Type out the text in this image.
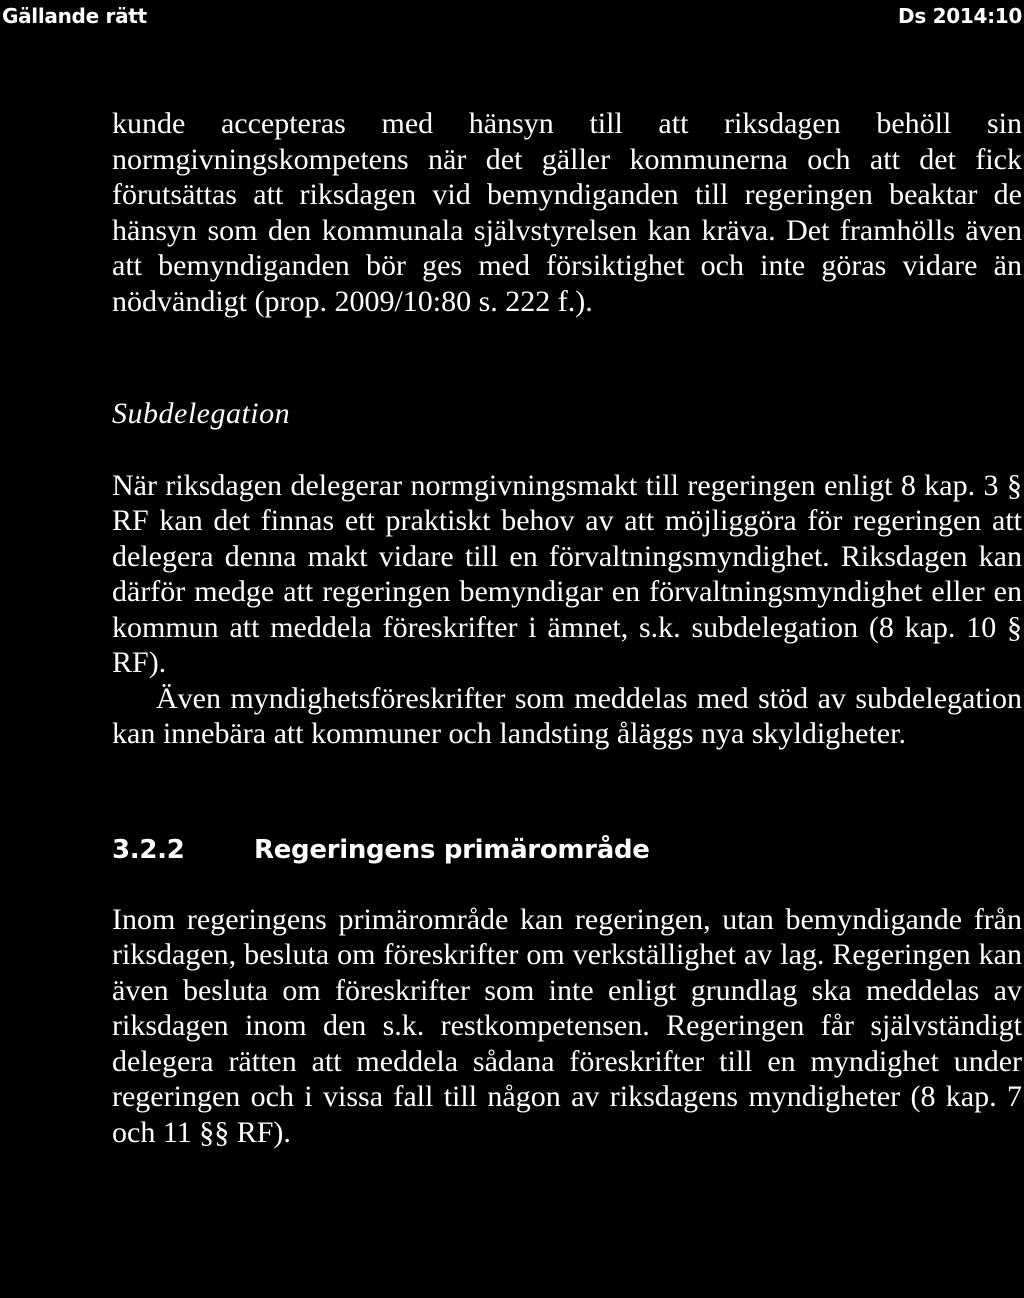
Gällande rätt	Ds 2014:10

kunde accepteras med hänsyn till att riksdagen behöll sin normgivningskompetens när det gäller kommunerna och att det fick förutsättas att riksdagen vid bemyndiganden till regeringen beaktar de hänsyn som den kommunala självstyrelsen kan kräva. Det framhölls även att bemyndiganden bör ges med försiktighet och inte göras vidare än nödvändigt (prop. 2009/10:80 s. 222 f.).

Subdelegation

När riksdagen delegerar normgivningsmakt till regeringen enligt 8 kap. 3 § RF kan det finnas ett praktiskt behov av att möjliggöra för regeringen att delegera denna makt vidare till en förvaltningsmyndighet. Riksdagen kan därför medge att regeringen bemyndigar en förvaltningsmyndighet eller en kommun att meddela föreskrifter i ämnet, s.k. subdelegation (8 kap. 10 § RF).

Även myndighetsföreskrifter som meddelas med stöd av subdelegation kan innebära att kommuner och landsting åläggs nya skyldigheter.

3.2.2	Regeringens primärområde

Inom regeringens primärområde kan regeringen, utan bemyndigande från riksdagen, besluta om föreskrifter om verkställighet av lag. Regeringen kan även besluta om föreskrifter som inte enligt grundlag ska meddelas av riksdagen inom den s.k. restkompetensen. Regeringen får självständigt delegera rätten att meddela sådana föreskrifter till en myndighet under regeringen och i vissa fall till någon av riksdagens myndigheter (8 kap. 7 och 11 §§ RF).
